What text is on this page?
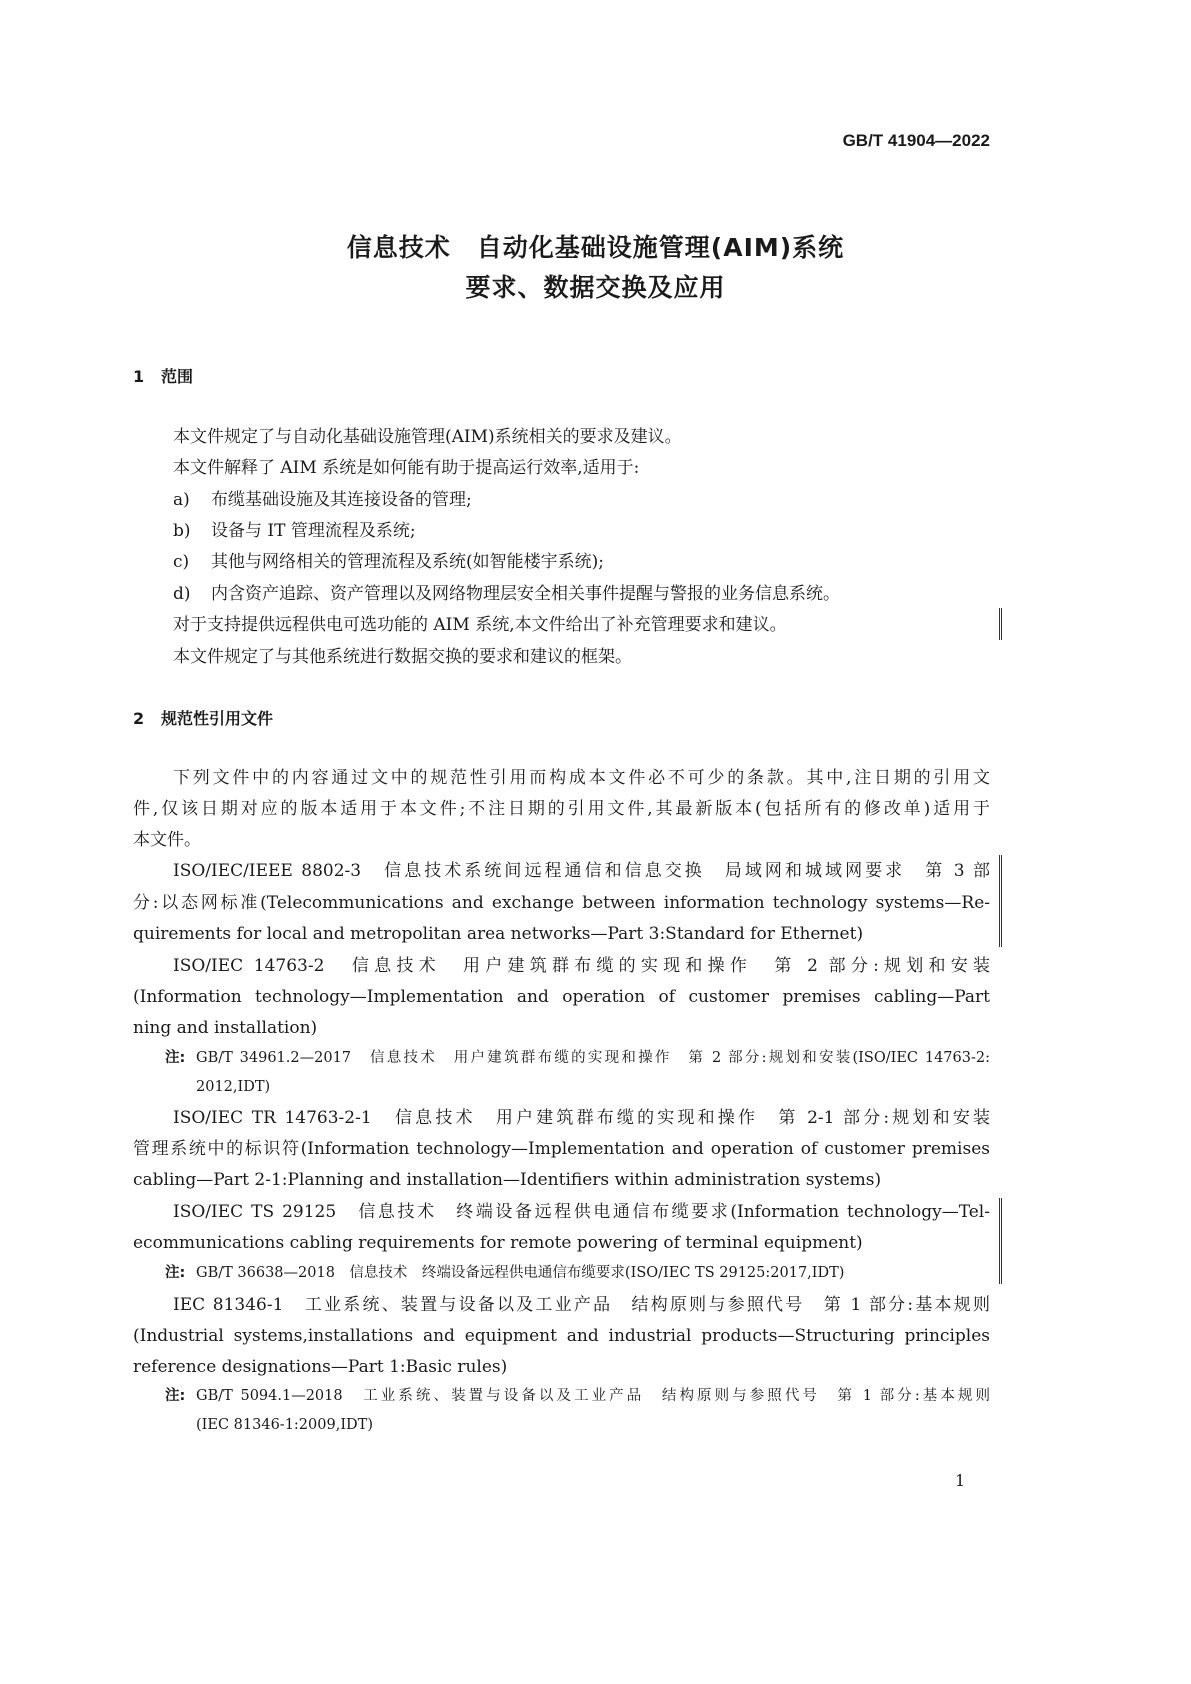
GB/T 41904—2022
信息技术　自动化基础设施管理(AIM)系统
要求、数据交换及应用
1 范围
本文件规定了与自动化基础设施管理(AIM)系统相关的要求及建议。
本文件解释了 AIM 系统是如何能有助于提高运行效率,适用于:
a) 布缆基础设施及其连接设备的管理;
b) 设备与 IT 管理流程及系统;
c) 其他与网络相关的管理流程及系统(如智能楼宇系统);
d) 内含资产追踪、资产管理以及网络物理层安全相关事件提醒与警报的业务信息系统。
对于支持提供远程供电可选功能的 AIM 系统,本文件给出了补充管理要求和建议。
本文件规定了与其他系统进行数据交换的要求和建议的框架。
2 规范性引用文件
下列文件中的内容通过文中的规范性引用而构成本文件必不可少的条款。其中,注日期的引用文
件,仅该日期对应的版本适用于本文件;不注日期的引用文件,其最新版本(包括所有的修改单)适用于
本文件。
ISO/IEC/IEEE 8802-3　信息技术系统间远程通信和信息交换　局域网和城域网要求　第 3 部
分:以态网标准(Telecommunications and exchange between information technology systems—Re-
quirements for local and metropolitan area networks—Part 3:Standard for Ethernet)
ISO/IEC 14763-2　信息技术　用户建筑群布缆的实现和操作　第 2 部分:规划和安装
(Information technology—Implementation and operation of customer premises cabling—Part
ning and installation)
注: GB/T 34961.2—2017　信息技术　用户建筑群布缆的实现和操作　第 2 部分:规划和安装(ISO/IEC 14763-2:
2012,IDT)
ISO/IEC TR 14763-2-1　信息技术　用户建筑群布缆的实现和操作　第 2-1 部分:规划和安装
管理系统中的标识符(Information technology—Implementation and operation of customer premises
cabling—Part 2-1:Planning and installation—Identifiers within administration systems)
ISO/IEC TS 29125　信息技术　终端设备远程供电通信布缆要求(Information technology—Tel-
ecommunications cabling requirements for remote powering of terminal equipment)
注: GB/T 36638—2018　信息技术　终端设备远程供电通信布缆要求(ISO/IEC TS 29125:2017,IDT)
IEC 81346-1　工业系统、装置与设备以及工业产品　结构原则与参照代号　第 1 部分:基本规则
(Industrial systems,installations and equipment and industrial products—Structuring principles
reference designations—Part 1:Basic rules)
注: GB/T 5094.1—2018　工业系统、装置与设备以及工业产品　结构原则与参照代号　第 1 部分:基本规则
(IEC 81346-1:2009,IDT)
1
